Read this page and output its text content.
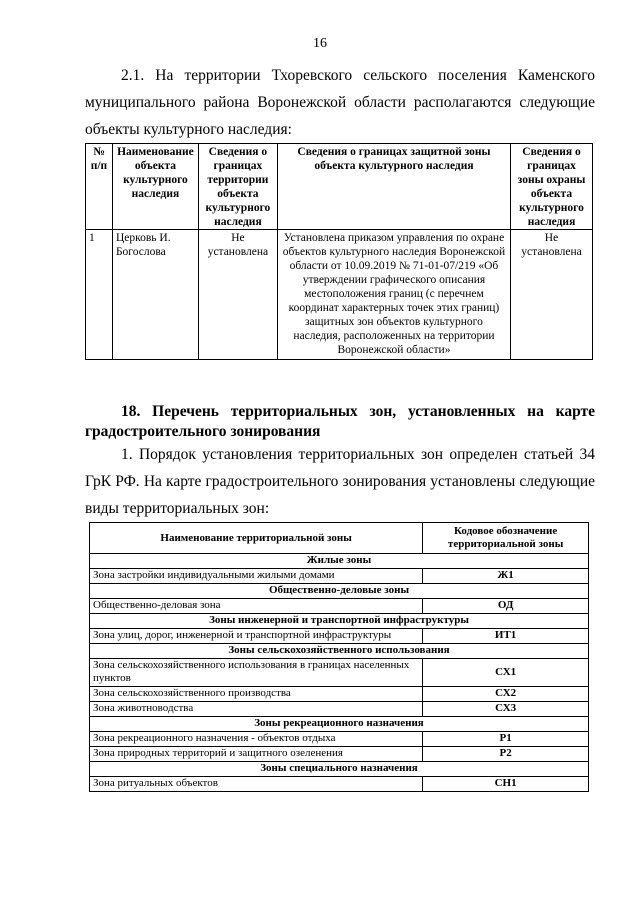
16

2.1. На территории Тхоревского сельского поселения Каменского
муниципального района Воронежской области располагаются следующие объекты культурного наследия:

№ п/п	Наименование объекта культурного наследия	Сведения о границах территории объекта культурного наследия	Сведения о границах защитной зоны объекта культурного наследия	Сведения о границах зоны охраны объекта культурного наследия
1	Церковь И. Богослова	Не установлена	Установлена приказом управления по охране объектов культурного наследия Воронежской области от 10.09.2019 № 71-01-07/219 «Об утверждении графического описания местоположения границ (с перечнем координат характерных точек этих границ) защитных зон объектов культурного наследия, расположенных на территории Воронежской области»	Не установлена

18. Перечень территориальных зон, установленных на карте
градостроительного зонирования

1. Порядок установления территориальных зон определен статьей 34
ГрК РФ. На карте градостроительного зонирования установлены следующие виды территориальных зон:

Наименование территориальной зоны	Кодовое обозначение территориальной зоны
Жилые зоны	
Зона застройки индивидуальными жилыми домами	Ж1
Общественно-деловые зоны	
Общественно-деловая зона	ОД
Зоны инженерной и транспортной инфраструктуры	
Зона улиц, дорог, инженерной и транспортной инфраструктуры	ИТ1
Зоны сельскохозяйственного использования	
Зона сельскохозяйственного использования в границах населенных пунктов	СХ1
Зона сельскохозяйственного производства	СХ2
Зона животноводства	СХ3
Зоны рекреационного назначения	
Зона рекреационного назначения - объектов отдыха	Р1
Зона природных территорий и защитного озеленения	Р2
Зоны специального назначения	
Зона ритуальных объектов	СН1
